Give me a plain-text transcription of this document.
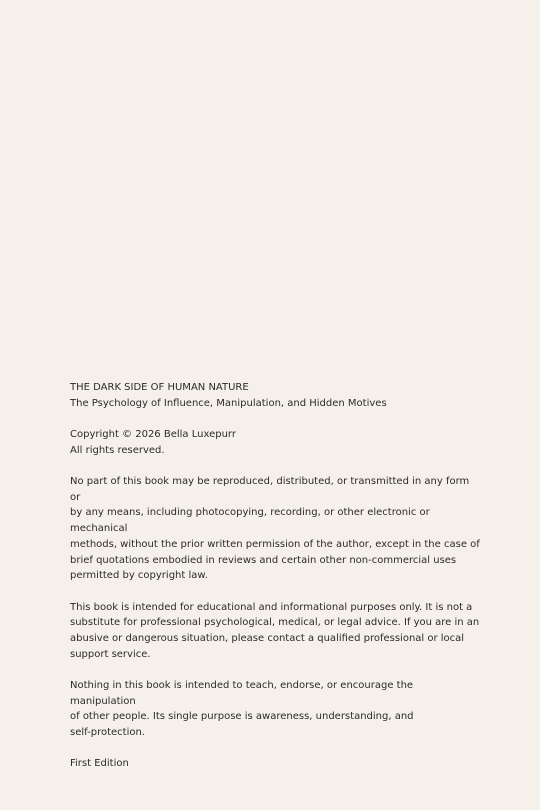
THE DARK SIDE OF HUMAN NATURE

The Psychology of Influence, Manipulation, and Hidden Motives

Copyright © 2026 Bella Luxepurr

All rights reserved.

No part of this book may be reproduced, distributed, or transmitted in any form or

by any means, including photocopying, recording, or other electronic or mechanical

methods, without the prior written permission of the author, except in the case of

brief quotations embodied in reviews and certain other non-commercial uses

permitted by copyright law.

This book is intended for educational and informational purposes only. It is not a

substitute for professional psychological, medical, or legal advice. If you are in an

abusive or dangerous situation, please contact a qualified professional or local

support service.

Nothing in this book is intended to teach, endorse, or encourage the manipulation

of other people. Its single purpose is awareness, understanding, and

self-protection.

First Edition
